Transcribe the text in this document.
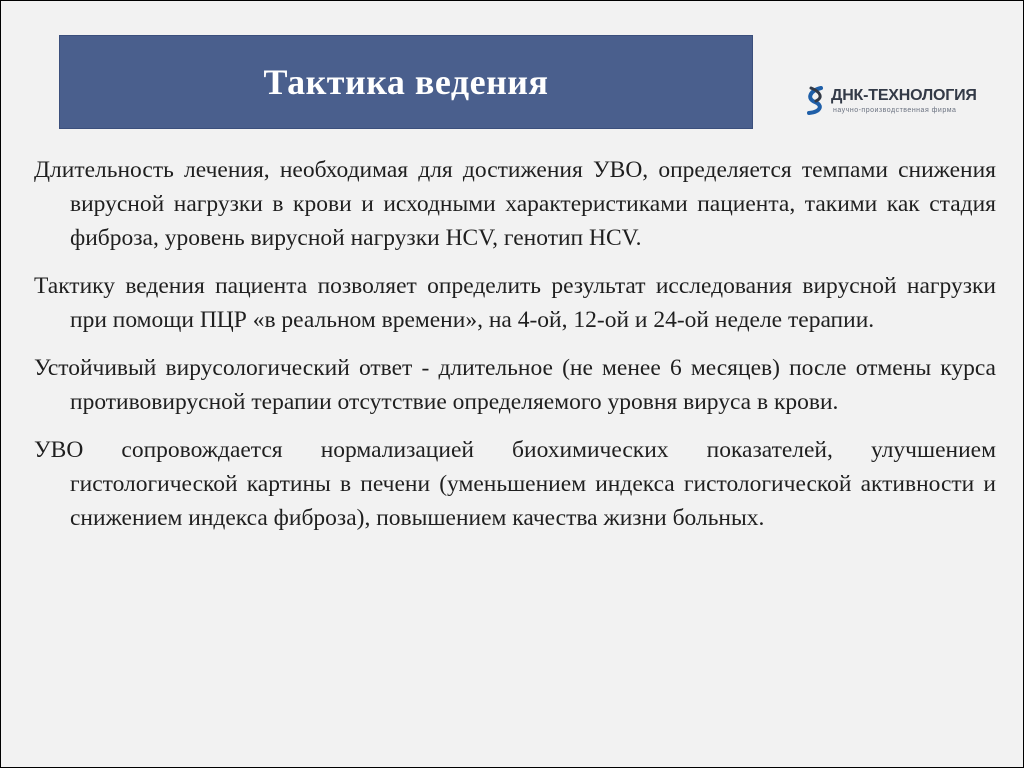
Тактика ведения	ДНК-ТЕХНОЛОГИЯ
научно-производственная фирма

Длительность лечения, необходимая для достижения УВО, определяется темпами снижения вирусной нагрузки в крови и исходными характеристиками пациента, такими как стадия фиброза, уровень вирусной нагрузки HCV, генотип HCV.

Тактику ведения пациента позволяет определить результат исследования вирусной нагрузки при помощи ПЦР «в реальном времени», на 4-ой, 12-ой и 24-ой неделе терапии.

Устойчивый вирусологический ответ - длительное (не менее 6 месяцев) после отмены курса противовирусной терапии отсутствие определяемого уровня вируса в крови.

УВО сопровождается нормализацией биохимических показателей, улучшением гистологической картины в печени (уменьшением индекса гистологической активности и снижением индекса фиброза), повышением качества жизни больных.
